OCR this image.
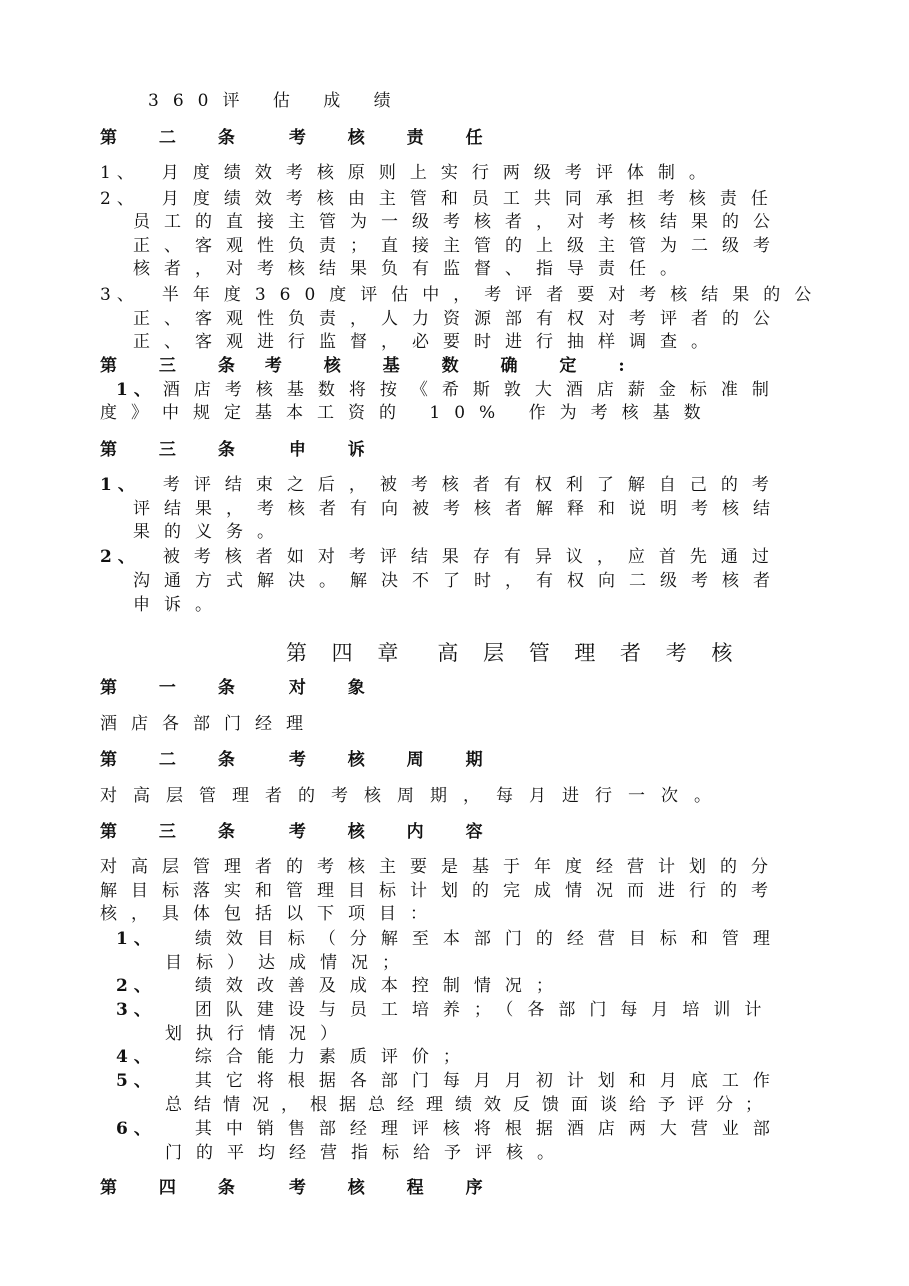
360评 估 成 绩
第 二 条 考 核 责 任
1、 月度绩效考核原则上实行两级考评体制。
2、 月度绩效考核由主管和员工共同承担考核责任
员工的直接主管为一级考核者，对考核结果的公
正、客观性负责；直接主管的上级主管为二级考
核者，对考核结果负有监督、指导责任。
3、 半年度360度评估中，考评者要对考核结果的公
正、客观性负责，人力资源部有权对考评者的公
正、客观进行监督，必要时进行抽样调查。
第 三 条 考 核 基 数 确 定 :
1、 酒店考核基数将按《希斯敦大酒店薪金标准制
度》中规定基本工资的 10% 作为考核基数
第 三 条 申 诉
1、 考评结束之后，被考核者有权利了解自己的考
评结果，考核者有向被考核者解释和说明考核结
果的义务。
2、 被考核者如对考评结果存有异议，应首先通过
沟通方式解决。解决不了时，有权向二级考核者
申诉。
第 四 章 高 层 管 理 者 考 核
第 一 条 对 象
酒店各部门经理
第 二 条 考 核 周 期
对高层管理者的考核周期，每月进行一次。
第 三 条 考 核 内 容
对高层管理者的考核主要是基于年度经营计划的分
解目标落实和管理目标计划的完成情况而进行的考
核，具体包括以下项目：
1、 绩效目标（分解至本部门的经营目标和管理
目标）达成情况；
2、 绩效改善及成本控制情况；
3、 团队建设与员工培养；（各部门每月培训计
划执行情况）
4、 综合能力素质评价；
5、 其它将根据各部门每月月初计划和月底工作
总结情况，根据总经理绩效反馈面谈给予评分；
6、 其中销售部经理评核将根据酒店两大营业部
门的平均经营指标给予评核。
第 四 条 考 核 程 序
